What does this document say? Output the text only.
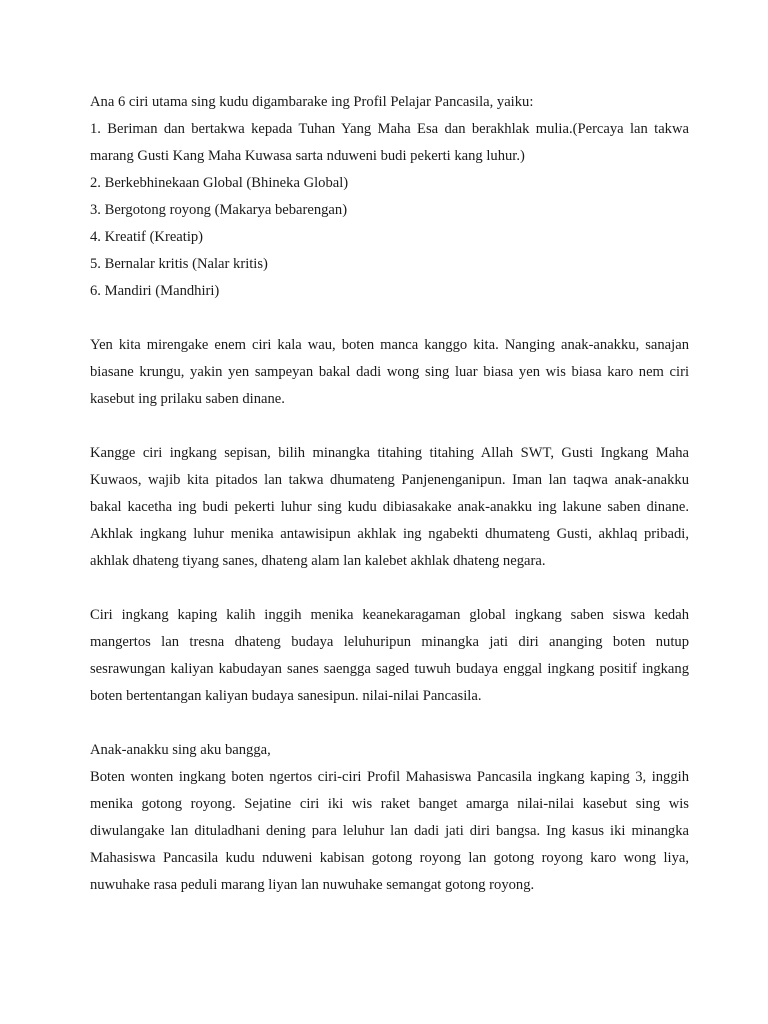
Ana 6 ciri utama sing kudu digambarake ing Profil Pelajar Pancasila, yaiku:

1. Beriman dan bertakwa kepada Tuhan Yang Maha Esa dan berakhlak mulia.(Percaya lan takwa marang Gusti Kang Maha Kuwasa sarta nduweni budi pekerti kang luhur.)

2. Berkebhinekaan Global (Bhineka Global)

3. Bergotong royong (Makarya bebarengan)

4. Kreatif (Kreatip)

5. Bernalar kritis (Nalar kritis)

6. Mandiri (Mandhiri)

Yen kita mirengake enem ciri kala wau, boten manca kanggo kita. Nanging anak-anakku, sanajan biasane krungu, yakin yen sampeyan bakal dadi wong sing luar biasa yen wis biasa karo nem ciri kasebut ing prilaku saben dinane.

Kangge ciri ingkang sepisan, bilih minangka titahing titahing Allah SWT, Gusti Ingkang Maha Kuwaos, wajib kita pitados lan takwa dhumateng Panjenenganipun. Iman lan taqwa anak-anakku bakal kacetha ing budi pekerti luhur sing kudu dibiasakake anak-anakku ing lakune saben dinane. Akhlak ingkang luhur menika antawisipun akhlak ing ngabekti dhumateng Gusti, akhlaq pribadi, akhlak dhateng tiyang sanes, dhateng alam lan kalebet akhlak dhateng negara.

Ciri ingkang kaping kalih inggih menika keanekaragaman global ingkang saben siswa kedah mangertos lan tresna dhateng budaya leluhuripun minangka jati diri ananging boten nutup sesrawungan kaliyan kabudayan sanes saengga saged tuwuh budaya enggal ingkang positif ingkang boten bertentangan kaliyan budaya sanesipun. nilai-nilai Pancasila.

Anak-anakku sing aku bangga,

Boten wonten ingkang boten ngertos ciri-ciri Profil Mahasiswa Pancasila ingkang kaping 3, inggih menika gotong royong. Sejatine ciri iki wis raket banget amarga nilai-nilai kasebut sing wis diwulangake lan dituladhani dening para leluhur lan dadi jati diri bangsa. Ing kasus iki minangka Mahasiswa Pancasila kudu nduweni kabisan gotong royong lan gotong royong karo wong liya, nuwuhake rasa peduli marang liyan lan nuwuhake semangat gotong royong.
